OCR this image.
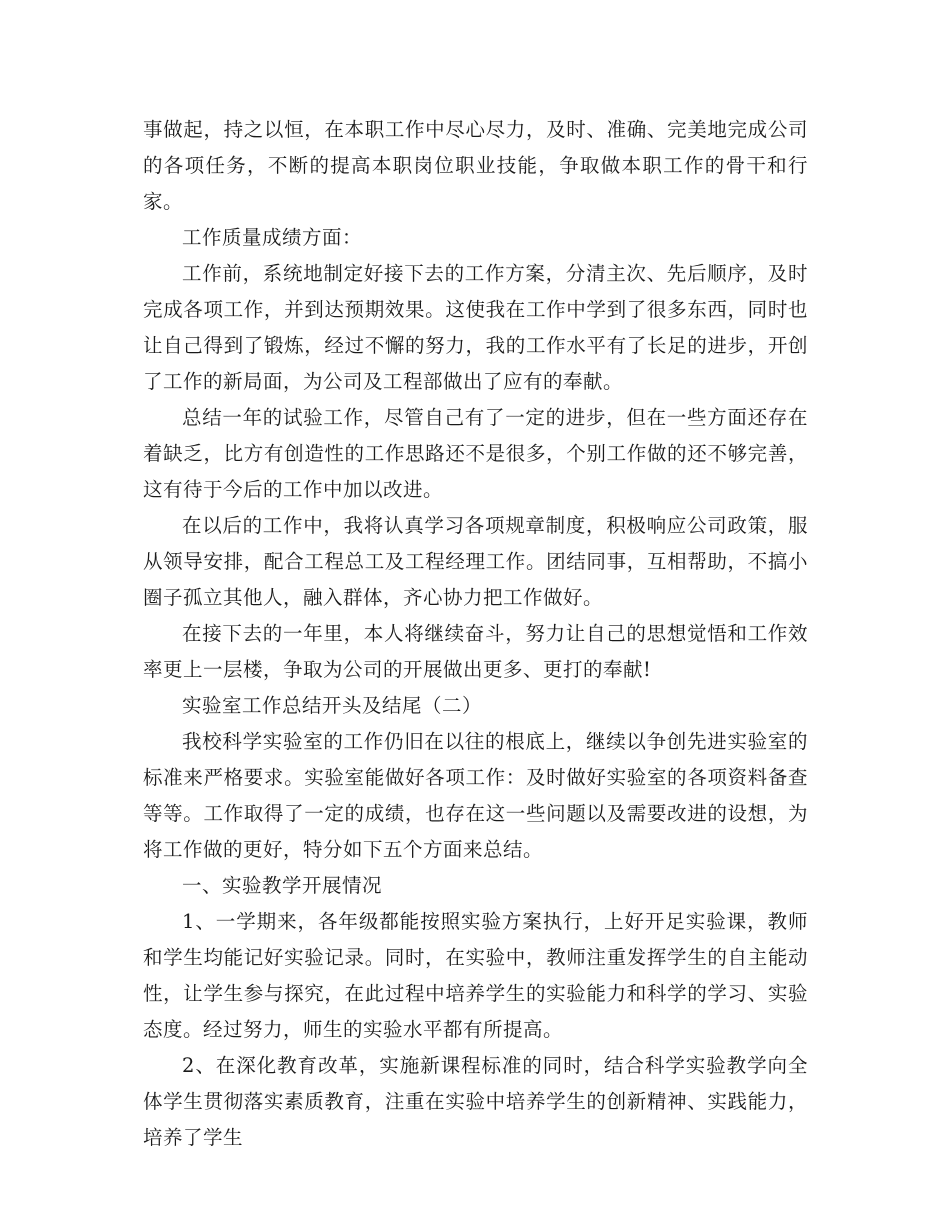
事做起，持之以恒，在本职工作中尽心尽力，及时、准确、完美地完成公司的各项任务，不断的提高本职岗位职业技能，争取做本职工作的骨干和行家。

工作质量成绩方面：

工作前，系统地制定好接下去的工作方案，分清主次、先后顺序，及时完成各项工作，并到达预期效果。这使我在工作中学到了很多东西，同时也让自己得到了锻炼，经过不懈的努力，我的工作水平有了长足的进步，开创了工作的新局面，为公司及工程部做出了应有的奉献。

总结一年的试验工作，尽管自己有了一定的进步，但在一些方面还存在着缺乏，比方有创造性的工作思路还不是很多，个别工作做的还不够完善，这有待于今后的工作中加以改进。

在以后的工作中，我将认真学习各项规章制度，积极响应公司政策，服从领导安排，配合工程总工及工程经理工作。团结同事，互相帮助，不搞小圈子孤立其他人，融入群体，齐心协力把工作做好。

在接下去的一年里，本人将继续奋斗，努力让自己的思想觉悟和工作效率更上一层楼，争取为公司的开展做出更多、更打的奉献!

实验室工作总结开头及结尾（二）

我校科学实验室的工作仍旧在以往的根底上，继续以争创先进实验室的标准来严格要求。实验室能做好各项工作：及时做好实验室的各项资料备查等等。工作取得了一定的成绩，也存在这一些问题以及需要改进的设想，为将工作做的更好，特分如下五个方面来总结。

一、实验教学开展情况

1、一学期来，各年级都能按照实验方案执行，上好开足实验课，教师和学生均能记好实验记录。同时，在实验中，教师注重发挥学生的自主能动性，让学生参与探究，在此过程中培养学生的实验能力和科学的学习、实验态度。经过努力，师生的实验水平都有所提高。

2、在深化教育改革，实施新课程标准的同时，结合科学实验教学向全体学生贯彻落实素质教育，注重在实验中培养学生的创新精神、实践能力，培养了学生
